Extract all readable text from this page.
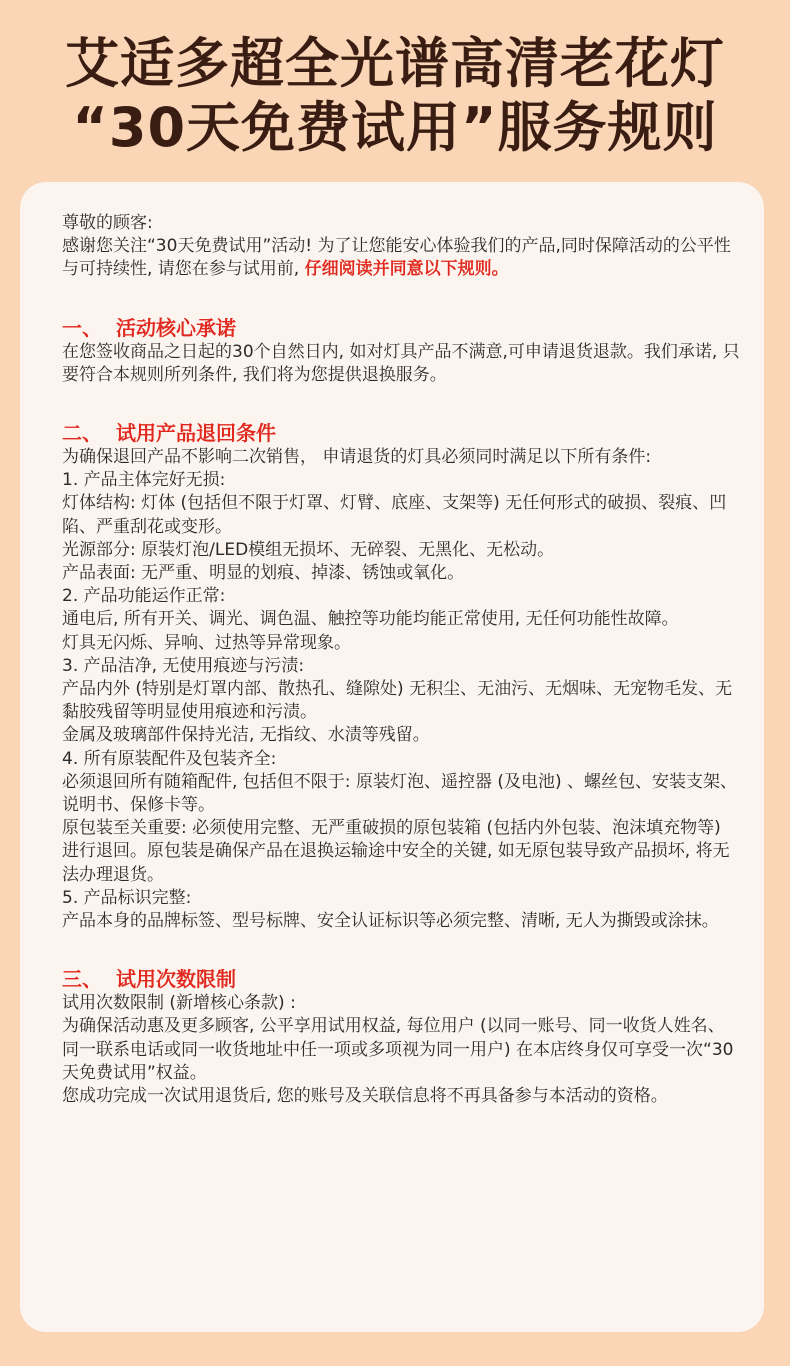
艾适多超全光谱高清老花灯
“30天免费试用”服务规则

尊敬的顾客:

感谢您关注“30天免费试用”活动! 为了让您能安心体验我们的产品,同时保障活动的公平性与可持续性, 请您在参与试用前, 仔细阅读并同意以下规则。

一、 活动核心承诺

在您签收商品之日起的30个自然日内, 如对灯具产品不满意,可申请退货退款。我们承诺, 只要符合本规则所列条件, 我们将为您提供退换服务。

二、 试用产品退回条件

为确保退回产品不影响二次销售， 申请退货的灯具必须同时满足以下所有条件:

1. 产品主体完好无损:

灯体结构: 灯体 (包括但不限于灯罩、灯臂、底座、支架等) 无任何形式的破损、裂痕、凹陷、严重刮花或变形。

光源部分: 原装灯泡/LED模组无损坏、无碎裂、无黑化、无松动。

产品表面: 无严重、明显的划痕、掉漆、锈蚀或氧化。

2. 产品功能运作正常:

通电后, 所有开关、调光、调色温、触控等功能均能正常使用, 无任何功能性故障。

灯具无闪烁、异响、过热等异常现象。

3. 产品洁净, 无使用痕迹与污渍:

产品内外 (特别是灯罩内部、散热孔、缝隙处) 无积尘、无油污、无烟味、无宠物毛发、无黏胶残留等明显使用痕迹和污渍。

金属及玻璃部件保持光洁, 无指纹、水渍等残留。

4. 所有原装配件及包装齐全:

必须退回所有随箱配件, 包括但不限于: 原装灯泡、遥控器 (及电池) 、螺丝包、安装支架、说明书、保修卡等。

原包装至关重要: 必须使用完整、无严重破损的原包装箱 (包括内外包装、泡沫填充物等) 进行退回。原包装是确保产品在退换运输途中安全的关键, 如无原包装导致产品损坏, 将无法办理退货。

5. 产品标识完整:

产品本身的品牌标签、型号标牌、安全认证标识等必须完整、清晰, 无人为撕毁或涂抹。

三、 试用次数限制

试用次数限制 (新增核心条款) :

为确保活动惠及更多顾客, 公平享用试用权益, 每位用户 (以同一账号、同一收货人姓名、同一联系电话或同一收货地址中任一项或多项视为同一用户) 在本店终身仅可享受一次“30天免费试用”权益。

您成功完成一次试用退货后, 您的账号及关联信息将不再具备参与本活动的资格。
